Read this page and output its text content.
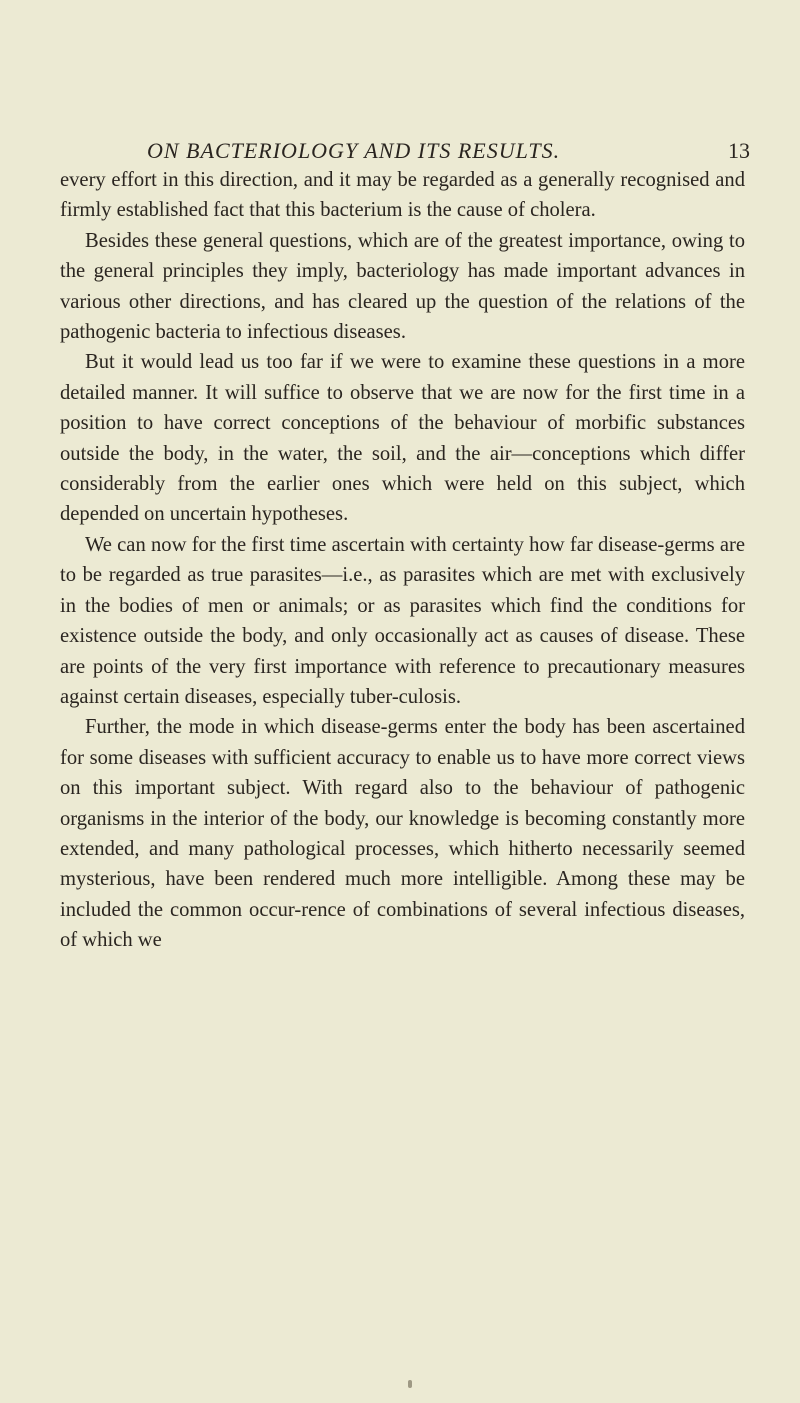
ON BACTERIOLOGY AND ITS RESULTS.	13

every effort in this direction, and it may be regarded as a generally recognised and firmly established fact that this bacterium is the cause of cholera.

Besides these general questions, which are of the greatest importance, owing to the general principles they imply, bacteriology has made important advances in various other directions, and has cleared up the question of the relations of the pathogenic bacteria to infectious diseases.

But it would lead us too far if we were to examine these questions in a more detailed manner. It will suffice to observe that we are now for the first time in a position to have correct conceptions of the behaviour of morbific substances outside the body, in the water, the soil, and the air—conceptions which differ considerably from the earlier ones which were held on this subject, which depended on uncertain hypotheses.

We can now for the first time ascertain with certainty how far disease-germs are to be regarded as true parasites—i.e., as parasites which are met with exclusively in the bodies of men or animals; or as parasites which find the conditions for existence outside the body, and only occasionally act as causes of disease. These are points of the very first importance with reference to precautionary measures against certain diseases, especially tuber-culosis.

Further, the mode in which disease-germs enter the body has been ascertained for some diseases with sufficient accuracy to enable us to have more correct views on this important subject. With regard also to the behaviour of pathogenic organisms in the interior of the body, our knowledge is becoming constantly more extended, and many pathological processes, which hitherto necessarily seemed mysterious, have been rendered much more intelligible. Among these may be included the common occur-rence of combinations of several infectious diseases, of which we
